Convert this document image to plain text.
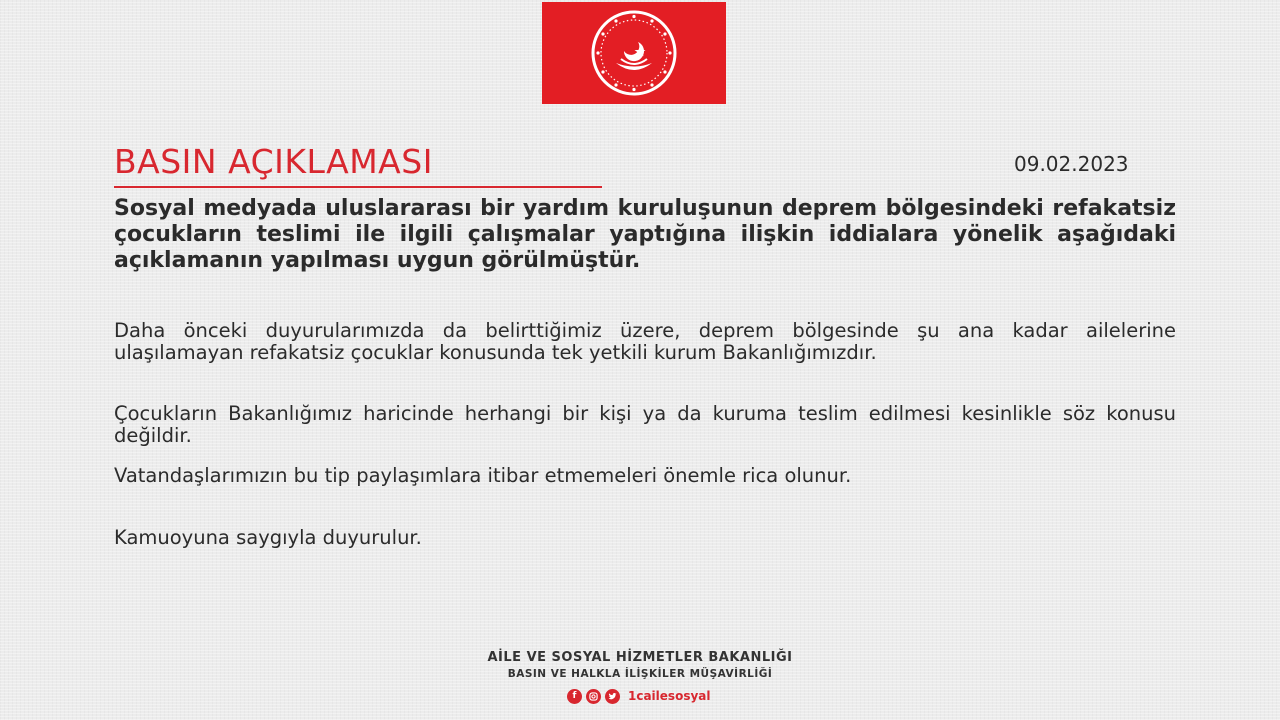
BASIN AÇIKLAMASI	09.02.2023

Sosyal medyada uluslararası bir yardım kuruluşunun deprem bölgesindeki refakatsiz çocukların teslimi ile ilgili çalışmalar yaptığına ilişkin iddialara yönelik aşağıdaki açıklamanın yapılması uygun görülmüştür.

Daha önceki duyurularımızda da belirttiğimiz üzere, deprem bölgesinde şu ana kadar ailelerine ulaşılamayan refakatsiz çocuklar konusunda tek yetkili kurum Bakanlığımızdır.

Çocukların Bakanlığımız haricinde herhangi bir kişi ya da kuruma teslim edilmesi kesinlikle söz konusu değildir.

Vatandaşlarımızın bu tip paylaşımlara itibar etmemeleri önemle rica olunur.

Kamuoyuna saygıyla duyurulur.

AİLE VE SOSYAL HİZMETLER BAKANLIĞI
BASIN VE HALKLA İLİŞKİLER MÜŞAVİRLİĞİ
f	1cailesosyal
